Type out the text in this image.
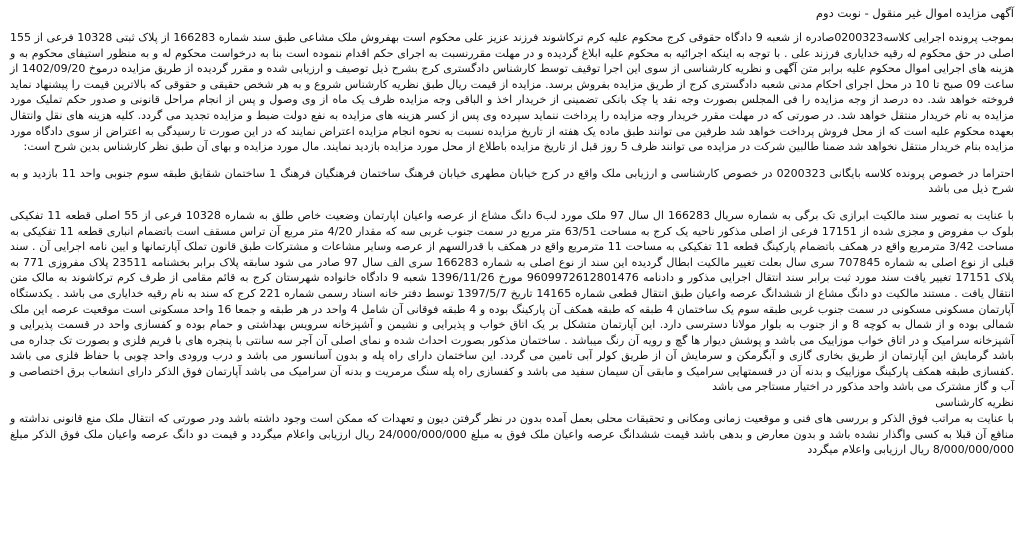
آگهی مزایده اموال غیر منقول - نوبت دوم

بموجب پرونده اجرایی کلاسه0200323صادره از شعبه 9 دادگاه حقوقی کرج محکوم علیه کرم ترکاشوند فرزند عزیز علی محکوم است بهفروش ملک مشاعی طبق سند شماره 166283 از پلاک ثبتی 10328 فرعی از 155 اصلی در حق محکوم له رقیه خدایاری فرزند علی . با توجه به اینکه اجرائیه به محکوم علیه ابلاغ گردیده و در مهلت مقررنسبت به اجرای حکم اقدام ننموده است بنا به درخواست محکوم له و به منظور استیفای محکوم به و هزینه های اجرایی اموال محکوم علیه برابر متن آگهی و نظریه کارشناسی از سوی این اجرا توقیف توسط کارشناس دادگستری کرج بشرح ذیل توصیف و ارزیابی شده و مقرر گردیده از طریق مزایده درموخ 1402/09/20 از ساعت 09 صبح تا 10 در محل اجرای احکام مدنی شعبه دادگستری کرج از طریق مزایده بفروش برسد. مزایده از قیمت ریال طبق نظریه کارشناس شروع و به هر شخص حقیقی و حقوقی که بالاترین قیمت را پیشنهاد نماید فروخته خواهد شد. ده درصد از وجه مزایده را فی المجلس بصورت وجه نقد یا چک بانکی تضمینی از خریدار اخذ و الباقی وجه مزایده ظرف یک ماه از وی وصول و پس از انجام مراحل قانونی و صدور حکم تملیک مورد مزایده به نام خریدار منتقل خواهد شد. در صورتی که در مهلت مقرر خریدار وجه مزایده را پرداخت ننماید سپرده وی پس از کسر هزینه های مزایده به نفع دولت ضبط و مزایده تجدید می گردد. کلیه هزینه های نقل وانتقال بعهده محکوم علیه است که از محل فروش پرداخت خواهد شد طرفین می توانند طبق ماده یک هفته از تاریخ مزایده نسبت به نحوه انجام مزایده اعتراض نمایند که در این صورت تا رسیدگی به اعتراض از سوی دادگاه مورد مزایده بنام خریدار منتقل نخواهد شد ضمنا طالبین شرکت در مزایده می توانند ظرف 5 روز قبل از تاریخ مزایده باطلاع از محل مورد مزایده بازدید نمایند. مال مورد مزایده و بهای آن طبق نظر کارشناس بدین شرح است:

احتراما در خصوص پرونده کلاسه بایگانی 0200323 در خصوص کارشناسی و ارزیابی ملک واقع در کرج خیابان مطهری خیابان فرهنگ ساختمان فرهنگیان فرهنگ 1 ساختمان شقایق طبقه سوم جنوبی واحد 11 بازدید و به شرح ذیل می باشد

با عنایت به تصویر سند مالکیت ابرازی تک برگی به شماره سریال 166283 ال سال 97 ملک مورد لب6 دانگ مشاع از عرصه واعیان اپارتمان وضعیت خاص طلق به شماره 10328 فرعی از 55 اصلی قطعه 11 تفکیکی بلوک ب مفروض و مجزی شده از 17151 فرعی از اصلی مذکور ناحیه یک کرج به مساحت 63/51 متر مربع در سمت جنوب غربی سه که مقدار 4/20 متر مربع آن تراس مسقف است باتضمام انباری قطعه 11 تفکیکی به مساحت 3/42 مترمربع واقع در همکف باتضمام پارکینگ قطعه 11 تفکیکی به مساحت 11 مترمربع واقع در همکف با قدرالسهم از عرصه وسایر مشاعات و مشترکات طبق قانون تملک آپارتمانها و ایین نامه اجرایی آن . سند قبلی از نوع اصلی به شماره 707845 سری سال بعلت تغییر مالکیت ابطال گردیده این سند از نوع اصلی به شماره 166283 سری الف سال 97 صادر می شود سابقه پلاک برابر بخشنامه 23511 پلاک مفروزی 771 به پلاک 17151 تغییر یافت سند مورد ثبت برابر سند انتقال اجرایی مذکور و دادنامه 9609972612801476 مورخ 1396/11/26 شعبه 9 دادگاه خانواده شهرستان کرج به قائم مقامی از طرف کرم ترکاشوند به مالک متن انتقال یافت . مستند مالکیت دو دانگ مشاع از ششدانگ عرصه واعیان طبق انتقال قطعی شماره 14165 تاریخ 1397/5/7 توسط دفتر خانه اسناد رسمی شماره 221 کرج که سند به نام رقیه خدایاری می باشد . یکدستگاه آپارتمان مسکونی مسکونی در سمت جنوب غربی طبقه سوم یک ساختمان 4 طبقه که طبقه همکف آن پارکینگ بوده و 4 طبقه فوقانی آن شامل 4 واحد در هر طبقه و جمعا 16 واحد مسکونی است موقعیت عرصه این ملک شمالی بوده و از شمال به کوچه 8 و از جنوب به بلوار مولانا دسترسی دارد. این آپارتمان متشکل بر یک اتاق خواب و پذیرایی و نشیمن و آشپزخانه سرویس بهداشتی و حمام بوده و کفسازی واحد در قسمت پذیرایی و آشپزخانه سرامیک و در اتاق خواب موزاییک می باشد و پوشش دیوار ها گچ و رویه آن رنگ میباشد . ساختمان مذکور بصورت احداث شده و نمای اصلی آن آجر سه سانتی با پنجره های با فریم فلزی و بصورت تک جداره می باشد گرمایش این آپارتمان از طریق بخاری گازی و آبگرمکن و سرمایش آن از طریق کولر آبی تامین می گردد. این ساختمان دارای راه پله و بدون آسانسور می باشد و درب ورودی واحد چوبی با حفاظ فلزی می باشد .کفسازی طبقه همکف پارکینگ موزاییک و بدنه آن در قسمتهایی سرامیک و مابقی آن سیمان سفید می باشد و کفسازی راه پله سنگ مرمریت و بدنه آن سرامیک می باشد آپارتمان فوق الذکر دارای انشعاب برق اختصاصی و آب و گاز مشترک می باشد واحد مذکور در اختیار مستاجر می باشد

نظریه کارشناسی

با عنایت به مراتب فوق الذکر و بررسی های فنی و موقعیت زمانی ومکانی و تحقیقات محلی بعمل آمده بدون در نظر گرفتن دیون و تعهدات که ممکن است وجود داشته باشد ودر صورتی که انتقال ملک منع قانونی نداشته و منافع آن قبلا به کسی واگذار نشده باشد و بدون معارض و بدهی باشد قیمت ششدانگ عرصه واعیان ملک فوق به مبلغ 24/000/000/000 ریال ارزیابی واعلام میگردد و قیمت دو دانگ عرصه واعیان ملک فوق الذکر مبلغ 8/000/000/000 ریال ارزیابی واعلام میگردد
